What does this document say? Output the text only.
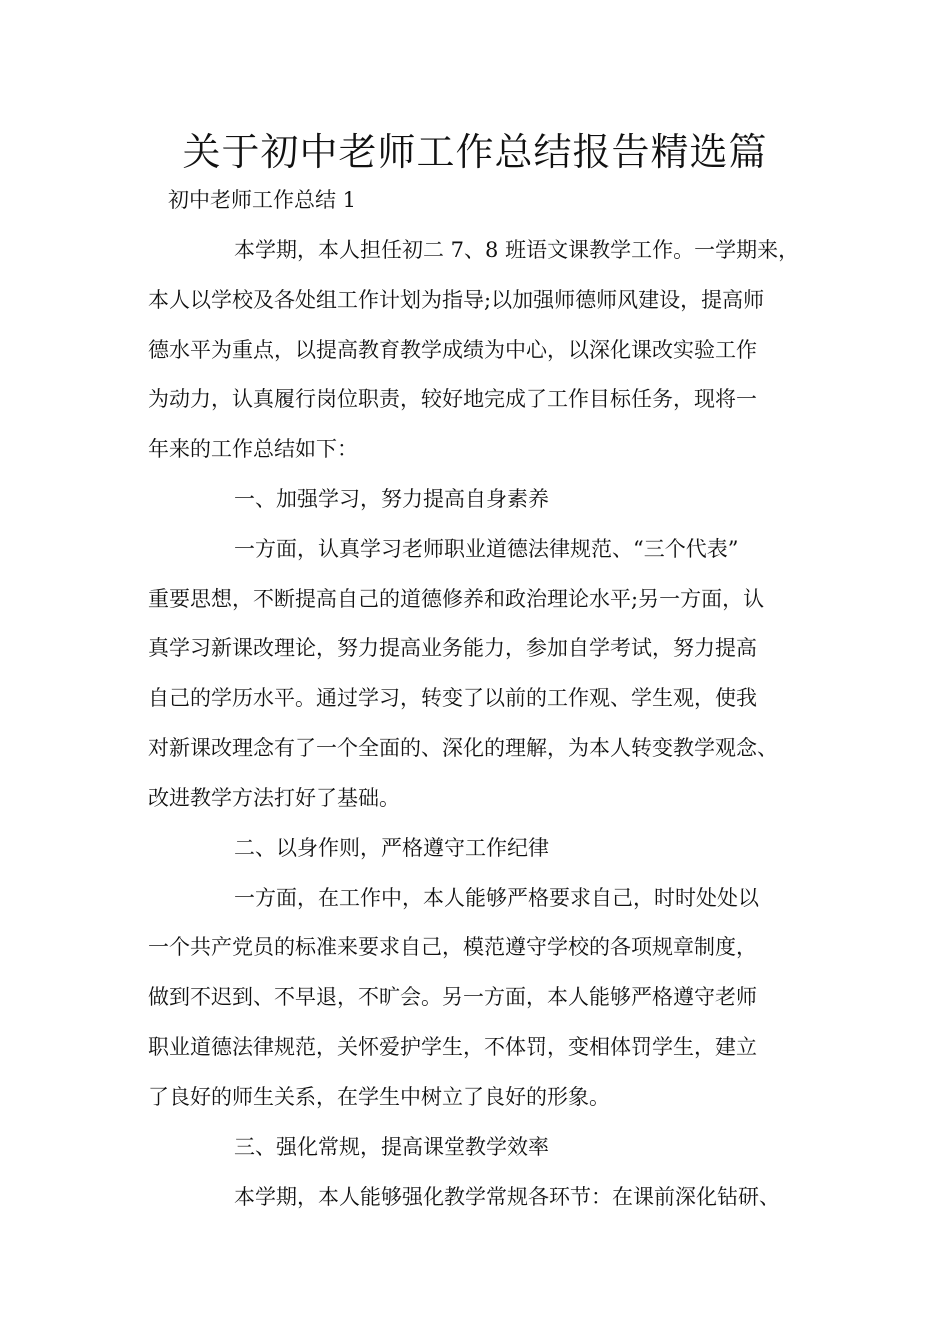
关于初中老师工作总结报告精选篇
初中老师工作总结 1
本学期，本人担任初二 7、8 班语文课教学工作。一学期来，
本人以学校及各处组工作计划为指导;以加强师德师风建设，提高师
德水平为重点，以提高教育教学成绩为中心，以深化课改实验工作
为动力，认真履行岗位职责，较好地完成了工作目标任务，现将一
年来的工作总结如下：
一、加强学习，努力提高自身素养
一方面，认真学习老师职业道德法律规范、“三个代表”
重要思想，不断提高自己的道德修养和政治理论水平;另一方面，认
真学习新课改理论，努力提高业务能力，参加自学考试，努力提高
自己的学历水平。通过学习，转变了以前的工作观、学生观，使我
对新课改理念有了一个全面的、深化的理解，为本人转变教学观念、
改进教学方法打好了基础。
二、以身作则，严格遵守工作纪律
一方面，在工作中，本人能够严格要求自己，时时处处以
一个共产党员的标准来要求自己，模范遵守学校的各项规章制度，
做到不迟到、不早退，不旷会。另一方面，本人能够严格遵守老师
职业道德法律规范，关怀爱护学生，不体罚，变相体罚学生，建立
了良好的师生关系，在学生中树立了良好的形象。
三、强化常规，提高课堂教学效率
本学期，本人能够强化教学常规各环节：在课前深化钻研、
